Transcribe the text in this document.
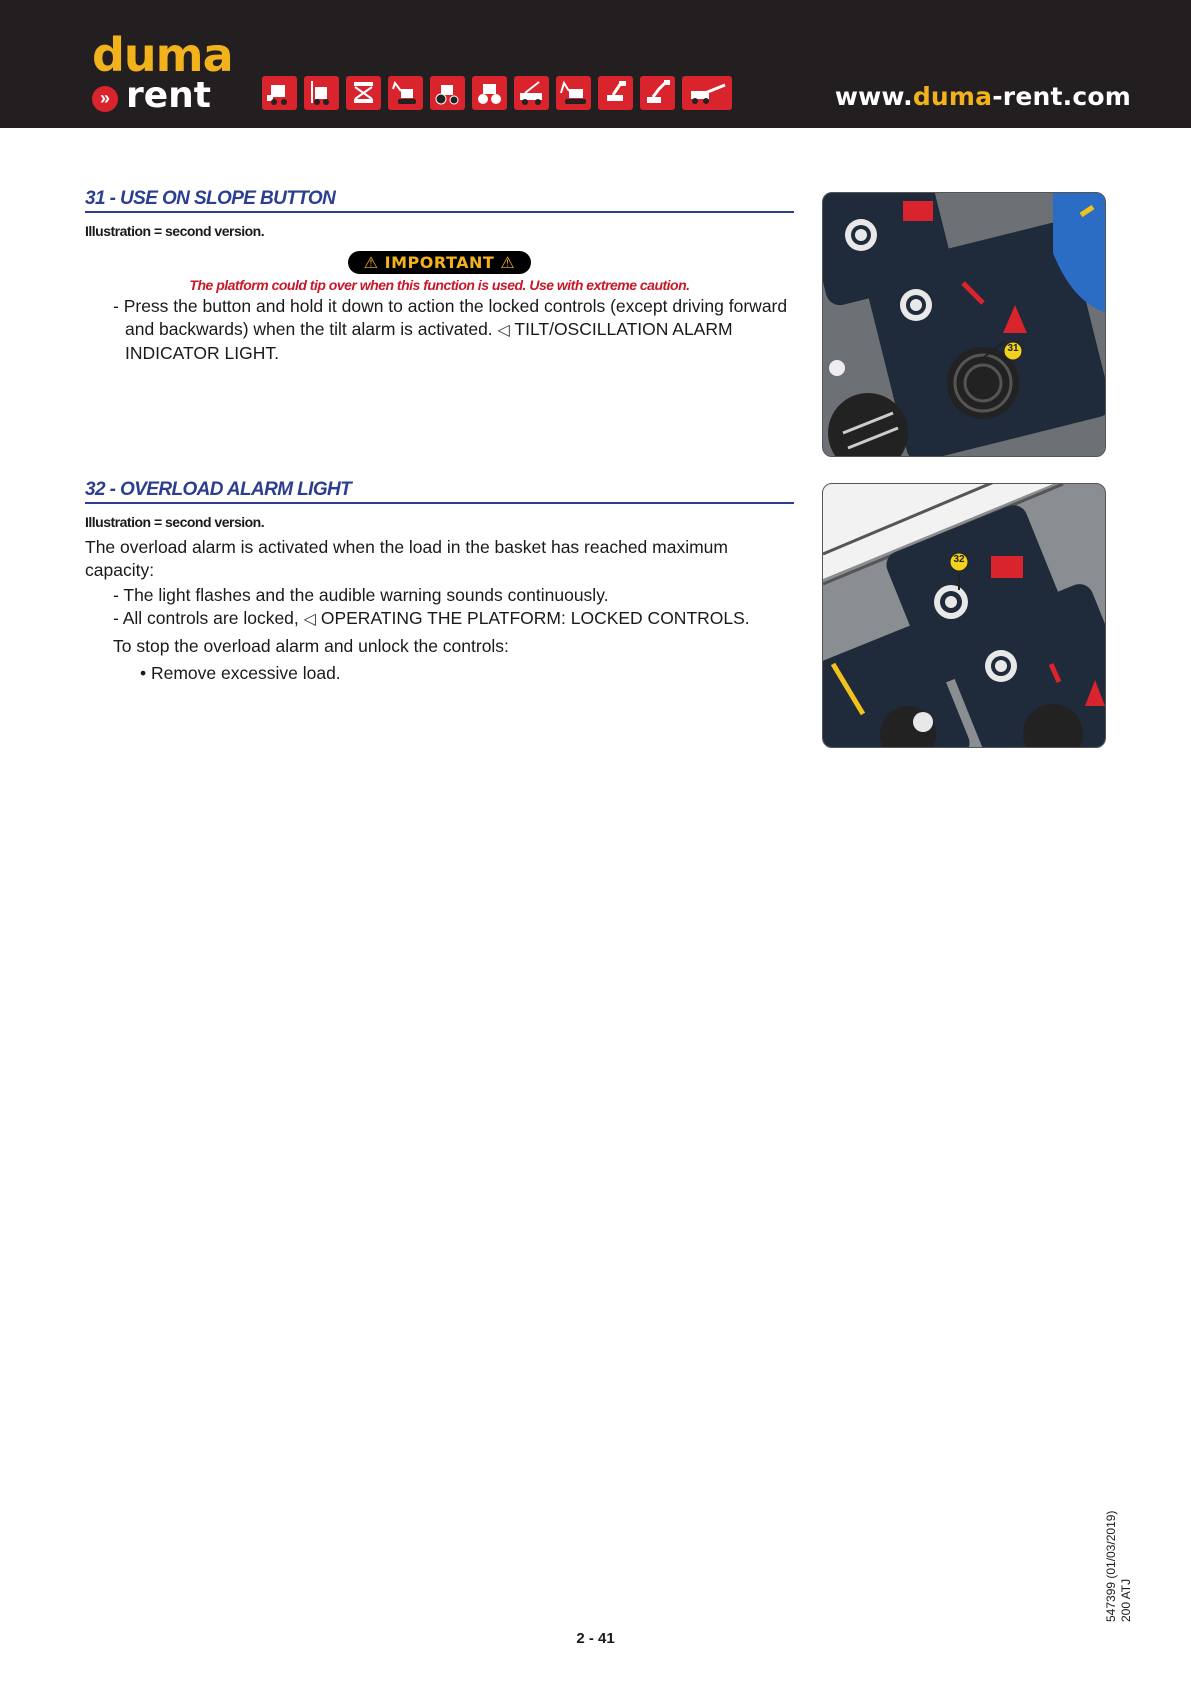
duma
» rent	www.duma-rent.com
31 - USE ON SLOPE BUTTON
Illustration = second version.
⚠ IMPORTANT ⚠
The platform could tip over when this function is used. Use with extreme caution.
- Press the button and hold it down to action the locked controls (except driving forward and backwards) when the tilt alarm is activated. ◁ TILT/OSCILLATION ALARM INDICATOR LIGHT.	31
32 - OVERLOAD ALARM LIGHT
Illustration = second version.
The overload alarm is activated when the load in the basket has reached maximum capacity:
- The light flashes and the audible warning sounds continuously.
- All controls are locked, ◁ OPERATING THE PLATFORM: LOCKED CONTROLS.
To stop the overload alarm and unlock the controls:
• Remove excessive load.
32
547399 (01/03/2019) 200 ATJ
2 - 41
